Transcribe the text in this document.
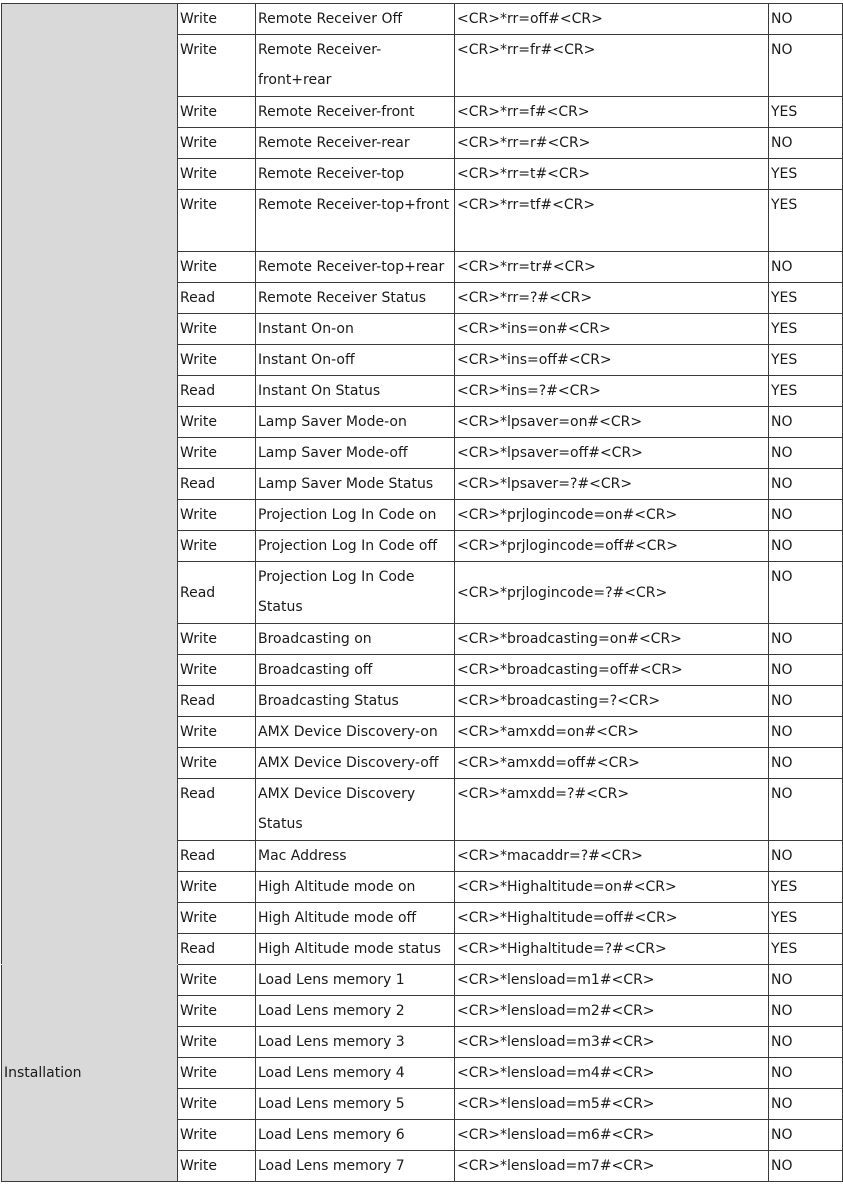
	Write	Remote Receiver Off	<CR>*rr=off#<CR>	NO
	Write	Remote Receiver-front+rear	<CR>*rr=fr#<CR>	NO
	Write	Remote Receiver-front	<CR>*rr=f#<CR>	YES
	Write	Remote Receiver-rear	<CR>*rr=r#<CR>	NO
	Write	Remote Receiver-top	<CR>*rr=t#<CR>	YES
	Write	Remote Receiver-top+front	<CR>*rr=tf#<CR>	YES
	Write	Remote Receiver-top+rear	<CR>*rr=tr#<CR>	NO
	Read	Remote Receiver Status	<CR>*rr=?#<CR>	YES
	Write	Instant On-on	<CR>*ins=on#<CR>	YES
	Write	Instant On-off	<CR>*ins=off#<CR>	YES
	Read	Instant On Status	<CR>*ins=?#<CR>	YES
	Write	Lamp Saver Mode-on	<CR>*lpsaver=on#<CR>	NO
	Write	Lamp Saver Mode-off	<CR>*lpsaver=off#<CR>	NO
	Read	Lamp Saver Mode Status	<CR>*lpsaver=?#<CR>	NO
	Write	Projection Log In Code on	<CR>*prjlogincode=on#<CR>	NO
	Write	Projection Log In Code off	<CR>*prjlogincode=off#<CR>	NO
	Read	Projection Log In Code Status	<CR>*prjlogincode=?#<CR>	NO
	Write	Broadcasting on	<CR>*broadcasting=on#<CR>	NO
	Write	Broadcasting off	<CR>*broadcasting=off#<CR>	NO
	Read	Broadcasting Status	<CR>*broadcasting=?<CR>	NO
	Write	AMX Device Discovery-on	<CR>*amxdd=on#<CR>	NO
	Write	AMX Device Discovery-off	<CR>*amxdd=off#<CR>	NO
	Read	AMX Device Discovery Status	<CR>*amxdd=?#<CR>	NO
	Read	Mac Address	<CR>*macaddr=?#<CR>	NO
	Write	High Altitude mode on	<CR>*Highaltitude=on#<CR>	YES
	Write	High Altitude mode off	<CR>*Highaltitude=off#<CR>	YES
	Read	High Altitude mode status	<CR>*Highaltitude=?#<CR>	YES
Installation	Write	Load Lens memory 1	<CR>*lensload=m1#<CR>	NO
	Write	Load Lens memory 2	<CR>*lensload=m2#<CR>	NO
	Write	Load Lens memory 3	<CR>*lensload=m3#<CR>	NO
	Write	Load Lens memory 4	<CR>*lensload=m4#<CR>	NO
	Write	Load Lens memory 5	<CR>*lensload=m5#<CR>	NO
	Write	Load Lens memory 6	<CR>*lensload=m6#<CR>	NO
	Write	Load Lens memory 7	<CR>*lensload=m7#<CR>	NO
